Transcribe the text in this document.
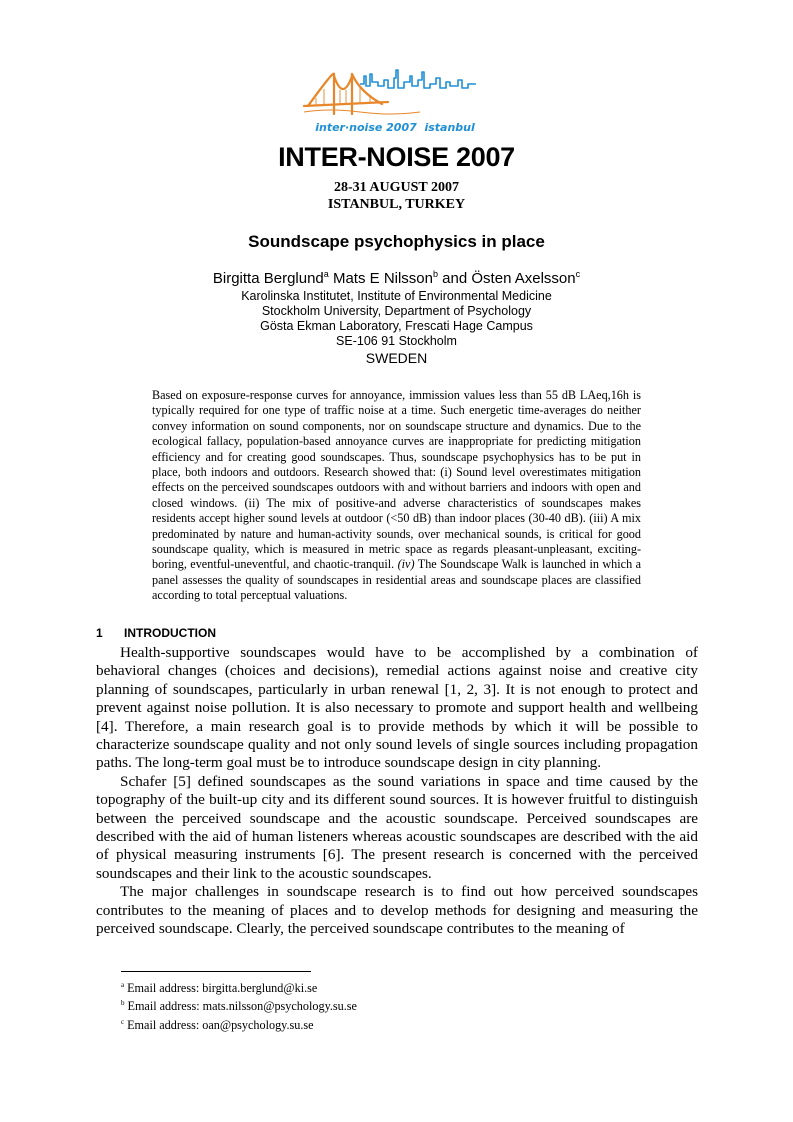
inter·noise 2007 istanbul
INTER-NOISE 2007
28-31 AUGUST 2007
ISTANBUL, TURKEY
Soundscape psychophysics in place
Birgitta Berglund$^a$ Mats E Nilsson$^b$ and Östen Axelsson$^c$
Karolinska Institutet, Institute of Environmental Medicine
Stockholm University, Department of Psychology
Gösta Ekman Laboratory, Frescati Hage Campus
SE-106 91 Stockholm
SWEDEN
Based on exposure-response curves for annoyance, immission values less than 55 dB LAeq,16h is typically required for one type of traffic noise at a time. Such energetic time-averages do neither convey information on sound components, nor on soundscape structure and dynamics. Due to the ecological fallacy, population-based annoyance curves are inappropriate for predicting mitigation efficiency and for creating good soundscapes. Thus, soundscape psychophysics has to be put in place, both indoors and outdoors. Research showed that: (i) Sound level overestimates mitigation effects on the perceived soundscapes outdoors with and without barriers and indoors with open and closed windows. (ii) The mix of positive-and adverse characteristics of soundscapes makes residents accept higher sound levels at outdoor (<50 dB) than indoor places (30-40 dB). (iii) A mix predominated by nature and human-activity sounds, over mechanical sounds, is critical for good soundscape quality, which is measured in metric space as regards pleasant-unpleasant, exciting-boring, eventful-uneventful, and chaotic-tranquil. (iv) The Soundscape Walk is launched in which a panel assesses the quality of soundscapes in residential areas and soundscape places are classified according to total perceptual valuations.
1 INTRODUCTION

Health-supportive soundscapes would have to be accomplished by a combination of behavioral changes (choices and decisions), remedial actions against noise and creative city planning of soundscapes, particularly in urban renewal [1, 2, 3]. It is not enough to protect and prevent against noise pollution. It is also necessary to promote and support health and wellbeing [4]. Therefore, a main research goal is to provide methods by which it will be possible to characterize soundscape quality and not only sound levels of single sources including propagation paths. The long-term goal must be to introduce soundscape design in city planning.

Schafer [5] defined soundscapes as the sound variations in space and time caused by the topography of the built-up city and its different sound sources. It is however fruitful to distinguish between the perceived soundscape and the acoustic soundscape. Perceived soundscapes are described with the aid of human listeners whereas acoustic soundscapes are described with the aid of physical measuring instruments [6]. The present research is concerned with the perceived soundscapes and their link to the acoustic soundscapes.

The major challenges in soundscape research is to find out how perceived soundscapes contributes to the meaning of places and to develop methods for designing and measuring the perceived soundscape. Clearly, the perceived soundscape contributes to the meaning of

$^a$ Email address: birgitta.berglund@ki.se
$^b$ Email address: mats.nilsson@psychology.su.se
$^c$ Email address: oan@psychology.su.se
